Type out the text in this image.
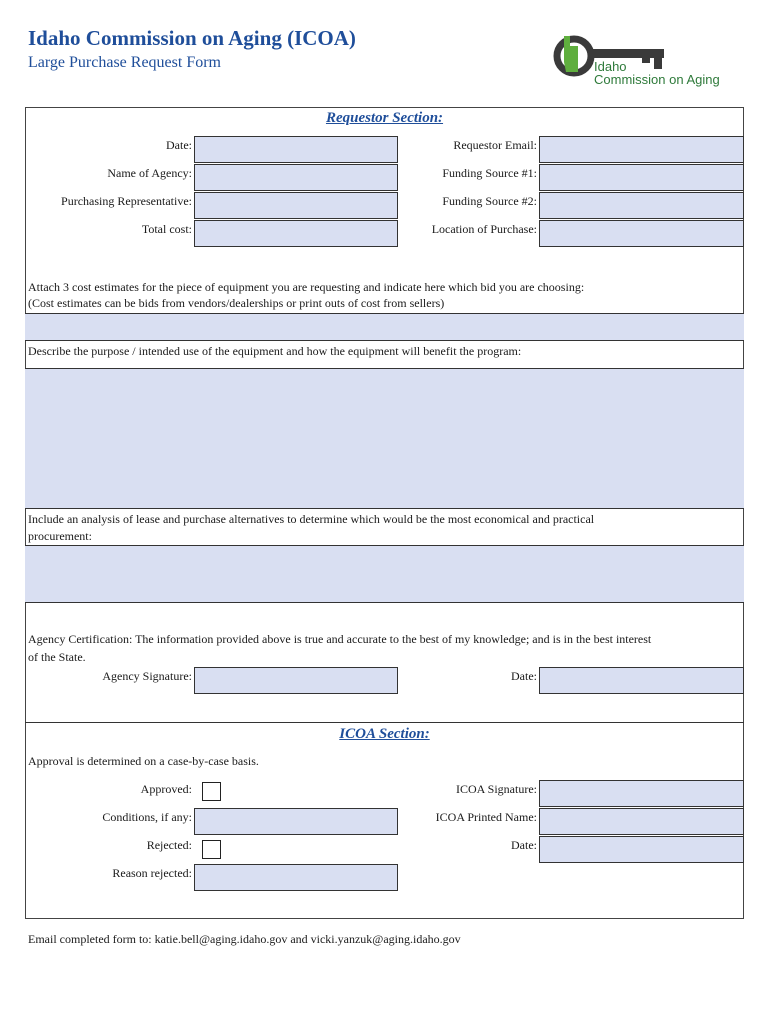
Idaho Commission on Aging (ICOA)
Large Purchase Request Form	Idaho
Commission on Aging
Requestor Section:
Date:	Requestor Email:
Name of Agency:	Funding Source #1:
Purchasing Representative:	Funding Source #2:
Total cost:	Location of Purchase:
Attach 3 cost estimates for the piece of equipment you are requesting and indicate here which bid you are choosing:
(Cost estimates can be bids from vendors/dealerships or print outs of cost from sellers)
Describe the purpose / intended use of the equipment and how the equipment will benefit the program:
Include an analysis of lease and purchase alternatives to determine which would be the most economical and practical
procurement:
Agency Certification: The information provided above is true and accurate to the best of my knowledge; and is in the best interest
of the State.
Agency Signature:	Date:
ICOA Section:
Approval is determined on a case-by-case basis.
Approved:	ICOA Signature:
Conditions, if any:	ICOA Printed Name:
Rejected:	Date:
Reason rejected:
Email completed form to: katie.bell@aging.idaho.gov and vicki.yanzuk@aging.idaho.gov
